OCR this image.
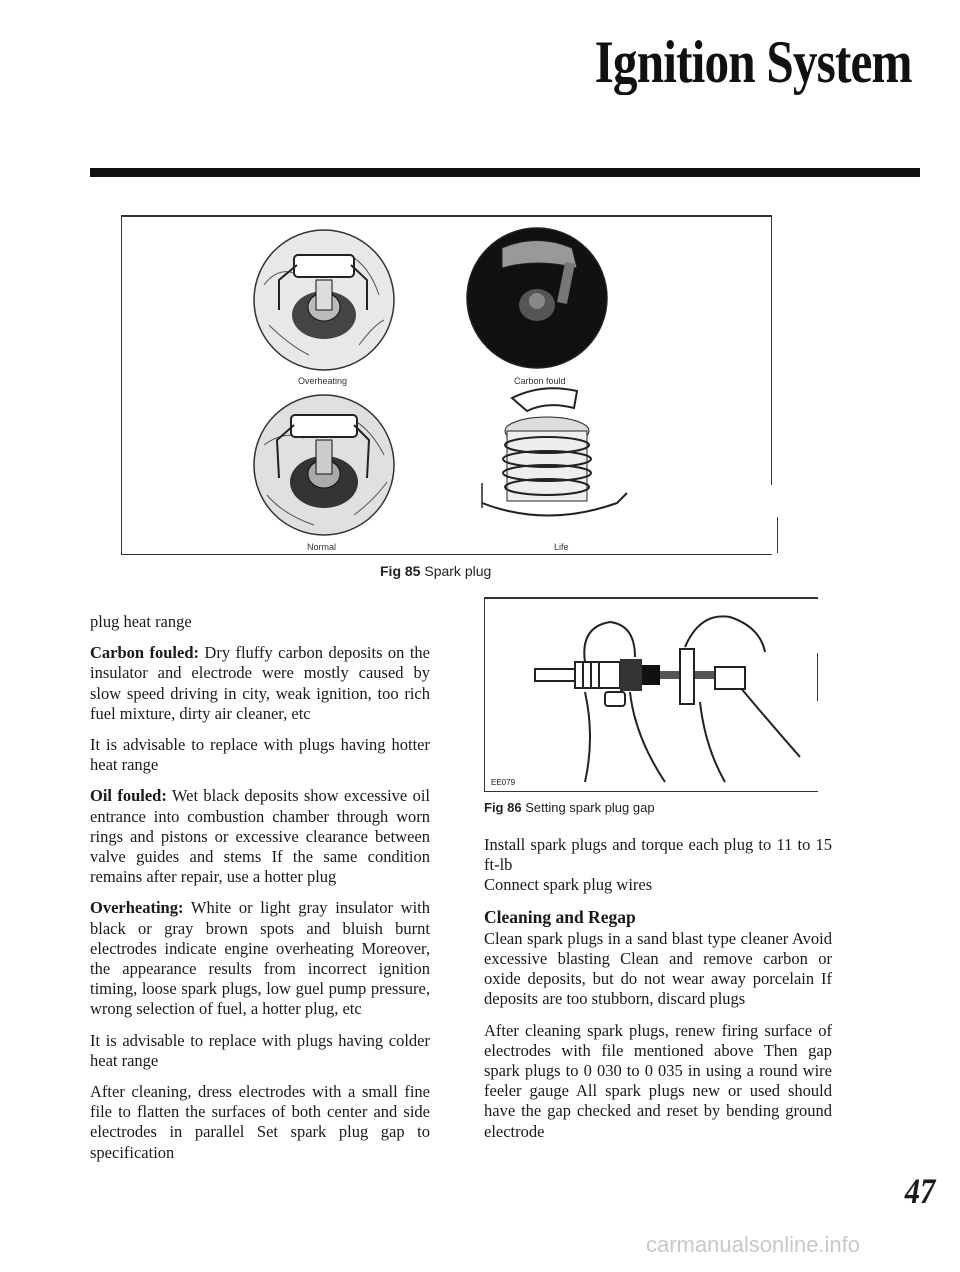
Ignition System
Overheating	Carbon fould
Normal	Life
Fig 85 Spark plug

plug heat range

Carbon fouled: Dry fluffy carbon deposits on the insulator and electrode were mostly caused by slow speed driving in city, weak ignition, too rich fuel mixture, dirty air cleaner, etc

It is advisable to replace with plugs having hotter heat range

Oil fouled: Wet black deposits show excessive oil entrance into combustion chamber through worn rings and pistons or excessive clearance between valve guides and stems If the same condition remains after repair, use a hotter plug

Overheating: White or light gray insulator with black or gray brown spots and bluish burnt electrodes indicate engine overheating Moreover, the appearance results from incorrect ignition timing, loose spark plugs, low guel pump pressure, wrong selection of fuel, a hotter plug, etc

It is advisable to replace with plugs having colder heat range

After cleaning, dress electrodes with a small fine file to flatten the surfaces of both center and side electrodes in parallel Set spark plug gap to specification

EE079
Fig 86 Setting spark plug gap

Install spark plugs and torque each plug to 11 to 15 ft-lb

Connect spark plug wires

Cleaning and Regap

Clean spark plugs in a sand blast type cleaner Avoid excessive blasting Clean and remove carbon or oxide deposits, but do not wear away porcelain If deposits are too stubborn, discard plugs

After cleaning spark plugs, renew firing surface of electrodes with file mentioned above Then gap spark plugs to 0 030 to 0 035 in using a round wire feeler gauge All spark plugs new or used should have the gap checked and reset by bending ground electrode

47
carmanualsonline.info
